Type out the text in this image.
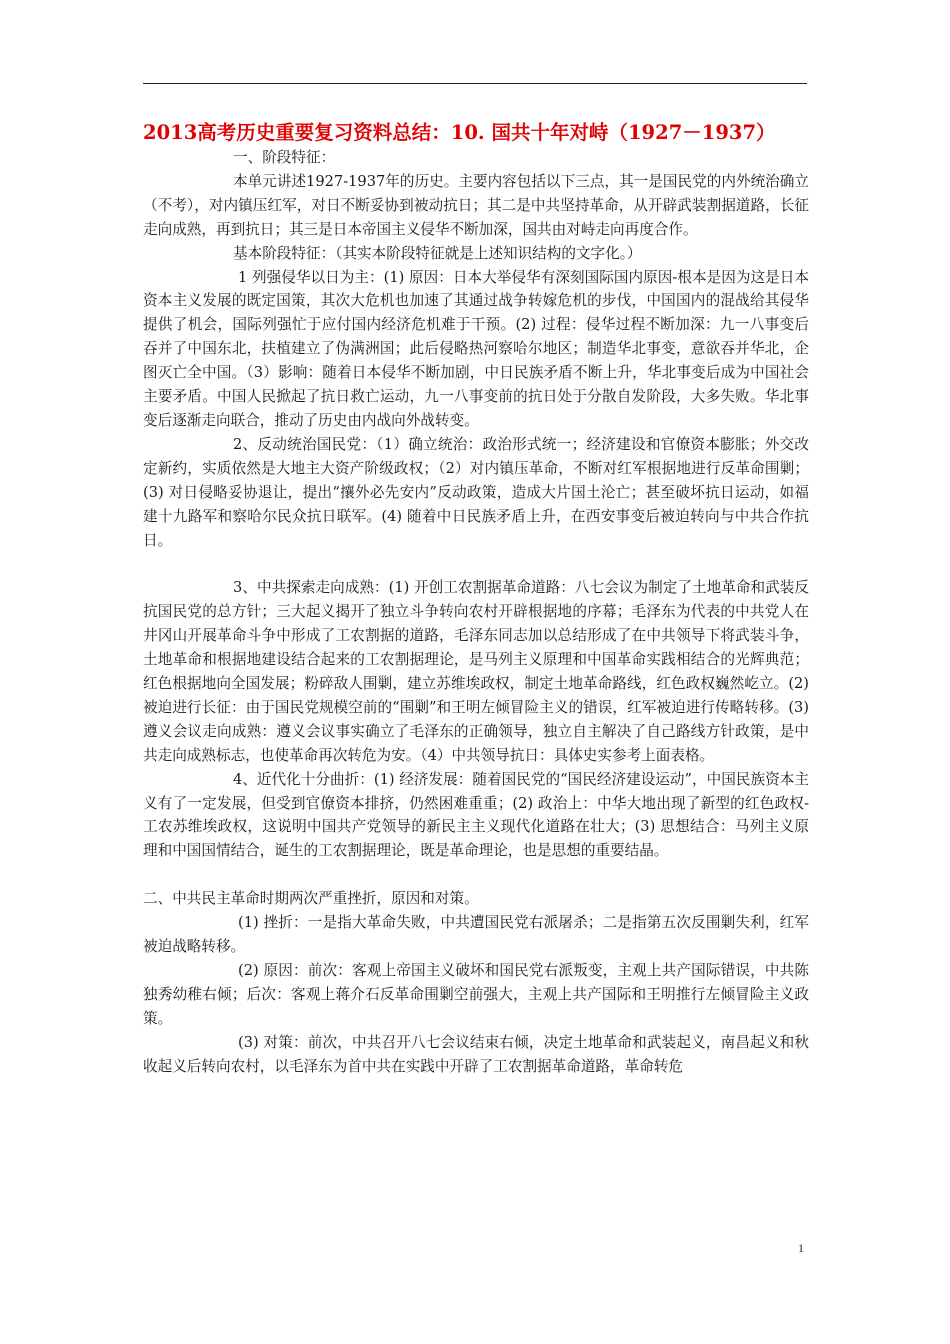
2013高考历史重要复习资料总结：10. 国共十年对峙（1927－1937）

一、阶段特征：

本单元讲述1927-1937年的历史。主要内容包括以下三点，其一是国民党的内外统治确立（不考），对内镇压红军，对日不断妥协到被动抗日；其二是中共坚持革命，从开辟武装割据道路，长征走向成熟，再到抗日；其三是日本帝国主义侵华不断加深，国共由对峙走向再度合作。

基本阶段特征：（其实本阶段特征就是上述知识结构的文字化。）

1 列强侵华以日为主：(1) 原因：日本大举侵华有深刻国际国内原因-根本是因为这是日本资本主义发展的既定国策，其次大危机也加速了其通过战争转嫁危机的步伐，中国国内的混战给其侵华提供了机会，国际列强忙于应付国内经济危机难于干预。(2) 过程：侵华过程不断加深：九一八事变后吞并了中国东北，扶植建立了伪满洲国；此后侵略热河察哈尔地区；制造华北事变，意欲吞并华北，企图灭亡全中国。（3）影响：随着日本侵华不断加剧，中日民族矛盾不断上升，华北事变后成为中国社会主要矛盾。中国人民掀起了抗日救亡运动，九一八事变前的抗日处于分散自发阶段，大多失败。华北事变后逐渐走向联合，推动了历史由内战向外战转变。

2、反动统治国民党：（1）确立统治：政治形式统一；经济建设和官僚资本膨胀；外交改定新约，实质依然是大地主大资产阶级政权；（2）对内镇压革命，不断对红军根据地进行反革命围剿；(3) 对日侵略妥协退让，提出“攘外必先安内”反动政策，造成大片国土沦亡；甚至破坏抗日运动，如福建十九路军和察哈尔民众抗日联军。(4) 随着中日民族矛盾上升，在西安事变后被迫转向与中共合作抗日。

3、中共探索走向成熟：(1) 开创工农割据革命道路：八七会议为制定了土地革命和武装反抗国民党的总方针；三大起义揭开了独立斗争转向农村开辟根据地的序幕；毛泽东为代表的中共党人在井冈山开展革命斗争中形成了工农割据的道路，毛泽东同志加以总结形成了在中共领导下将武装斗争，土地革命和根据地建设结合起来的工农割据理论，是马列主义原理和中国革命实践相结合的光辉典范；红色根据地向全国发展；粉碎敌人围剿，建立苏维埃政权，制定土地革命路线，红色政权巍然屹立。(2) 被迫进行长征：由于国民党规模空前的“围剿”和王明左倾冒险主义的错误，红军被迫进行传略转移。(3) 遵义会议走向成熟：遵义会议事实确立了毛泽东的正确领导，独立自主解决了自己路线方针政策，是中共走向成熟标志，也使革命再次转危为安。（4）中共领导抗日：具体史实参考上面表格。

4、近代化十分曲折：(1) 经济发展：随着国民党的“国民经济建设运动”，中国民族资本主义有了一定发展，但受到官僚资本排挤，仍然困难重重；(2) 政治上：中华大地出现了新型的红色政权-工农苏维埃政权，这说明中国共产党领导的新民主主义现代化道路在壮大；(3) 思想结合：马列主义原理和中国国情结合，诞生的工农割据理论，既是革命理论，也是思想的重要结晶。

二、中共民主革命时期两次严重挫折，原因和对策。

(1) 挫折：一是指大革命失败，中共遭国民党右派屠杀；二是指第五次反围剿失利，红军被迫战略转移。

(2) 原因：前次：客观上帝国主义破坏和国民党右派叛变，主观上共产国际错误，中共陈独秀幼稚右倾；后次：客观上蒋介石反革命围剿空前强大，主观上共产国际和王明推行左倾冒险主义政策。

(3) 对策：前次，中共召开八七会议结束右倾，决定土地革命和武装起义，南昌起义和秋收起义后转向农村，以毛泽东为首中共在实践中开辟了工农割据革命道路，革命转危

1
